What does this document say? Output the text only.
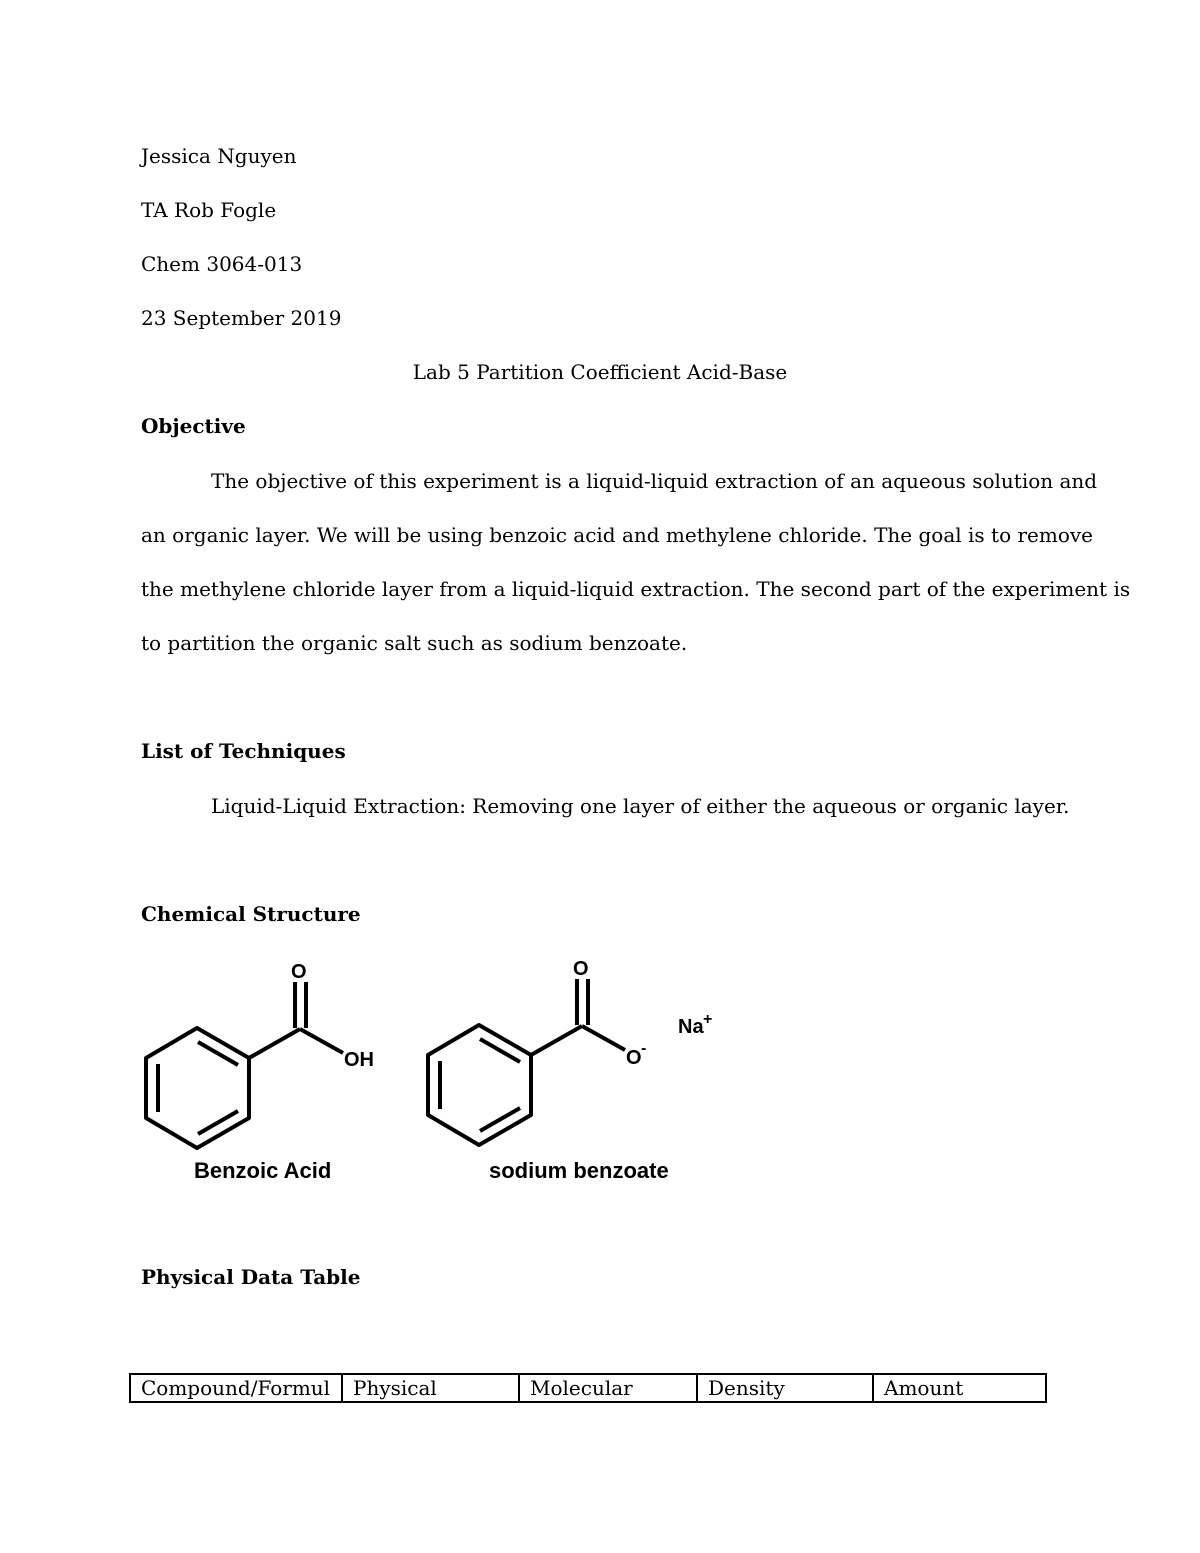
Jessica Nguyen
TA Rob Fogle
Chem 3064-013
23 September 2019
Lab 5 Partition Coefficient Acid-Base
Objective
The objective of this experiment is a liquid-liquid extraction of an aqueous solution and
an organic layer. We will be using benzoic acid and methylene chloride. The goal is to remove
the methylene chloride layer from a liquid-liquid extraction. The second part of the experiment is
to partition the organic salt such as sodium benzoate.
List of Techniques
Liquid-Liquid Extraction: Removing one layer of either the aqueous or organic layer.
Chemical Structure
O
OH
Benzoic Acid
O
O -
Na +
sodium benzoate
Physical Data Table
Compound/Formul	Physical	Molecular	Density	Amount
